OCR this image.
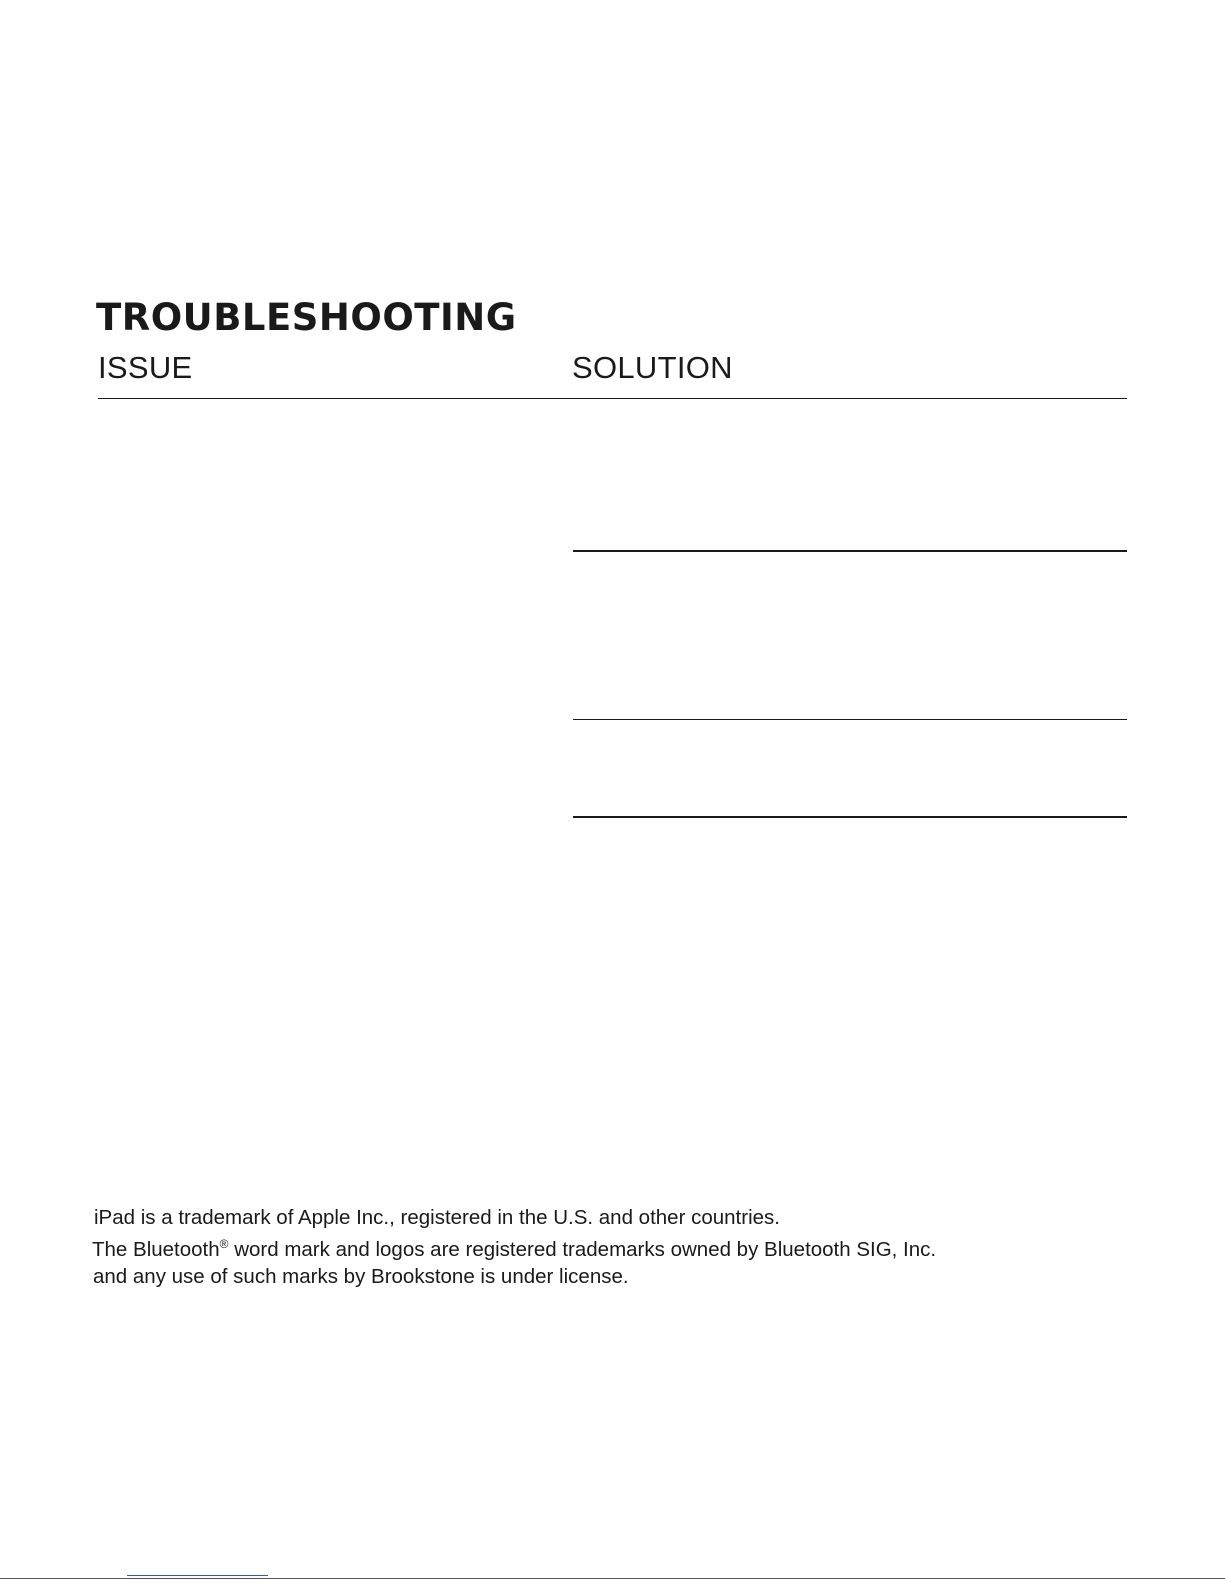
TROUBLESHOOTING
ISSUE	SOLUTION

iPad is a trademark of Apple Inc., registered in the U.S. and other countries.

The Bluetooth® word mark and logos are registered trademarks owned by Bluetooth SIG, Inc.

and any use of such marks by Brookstone is under license.
